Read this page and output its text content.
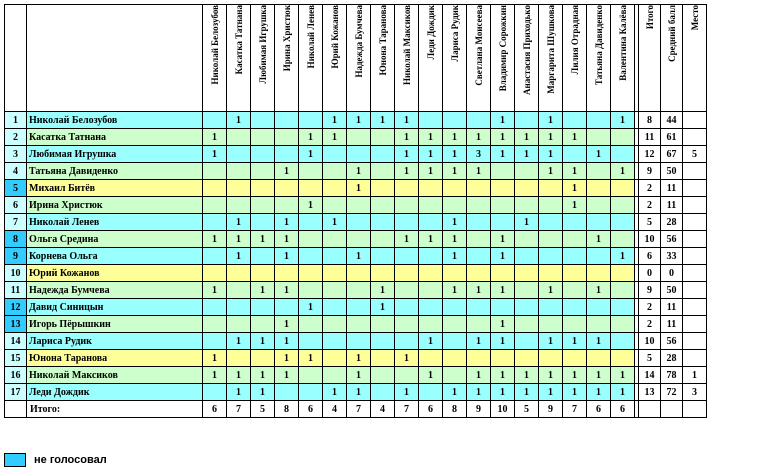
		Николай Белозубов	Касатка Татнана	Любимая Игрушка	Ирина Христюк	Николай Ленев	Юрий Кожанов	Надежда Бумчева	Юнона Таранова	Николай Максиков	Леди Дождик	Лариса Рудик	Светлана Моисеева	Владимир Сорожкин	Анастасия Приходько	Маргарита Шушкова	Лилия Отрадная	Татьяна Давиденко	Валентина Калёва		Итого	Средний балл	Место
1	Николай Белозубов		1				1	1	1	1				1		1			1		8	44	
2	Касатка Татнана	1				1	1			1	1	1	1	1	1	1	1				11	61	
3	Любимая Игрушка	1				1				1	1	1	3	1	1	1		1			12	67	5
4	Татьяна Давиденко				1			1		1	1	1	1			1	1		1		9	50	
5	Михаил Битёв							1									1				2	11	
6	Ирина Христюк					1											1				2	11	
7	Николай Ленев		1		1		1					1			1						5	28	
8	Ольга Средина	1	1	1	1					1	1	1		1				1			10	56	
9	Корнева Ольга		1		1			1				1		1					1		6	33	
10	Юрий Кожанов																				0	0	
11	Надежда Бумчева	1		1	1				1			1	1	1		1		1			9	50	
12	Давид Синицын					1			1												2	11	
13	Игорь Пёрышкин				1									1							2	11	
14	Лариса Рудик		1	1	1						1		1	1		1	1	1			10	56	
15	Юнона Таранова	1			1	1		1		1											5	28	
16	Николай Максиков	1	1	1	1			1			1		1	1	1	1	1	1	1		14	78	1
17	Леди Дождик		1	1			1	1		1		1	1	1	1	1	1	1	1		13	72	3
	Итого:	6	7	5	8	6	4	7	4	7	6	8	9	10	5	9	7	6	6				
не голосовал
